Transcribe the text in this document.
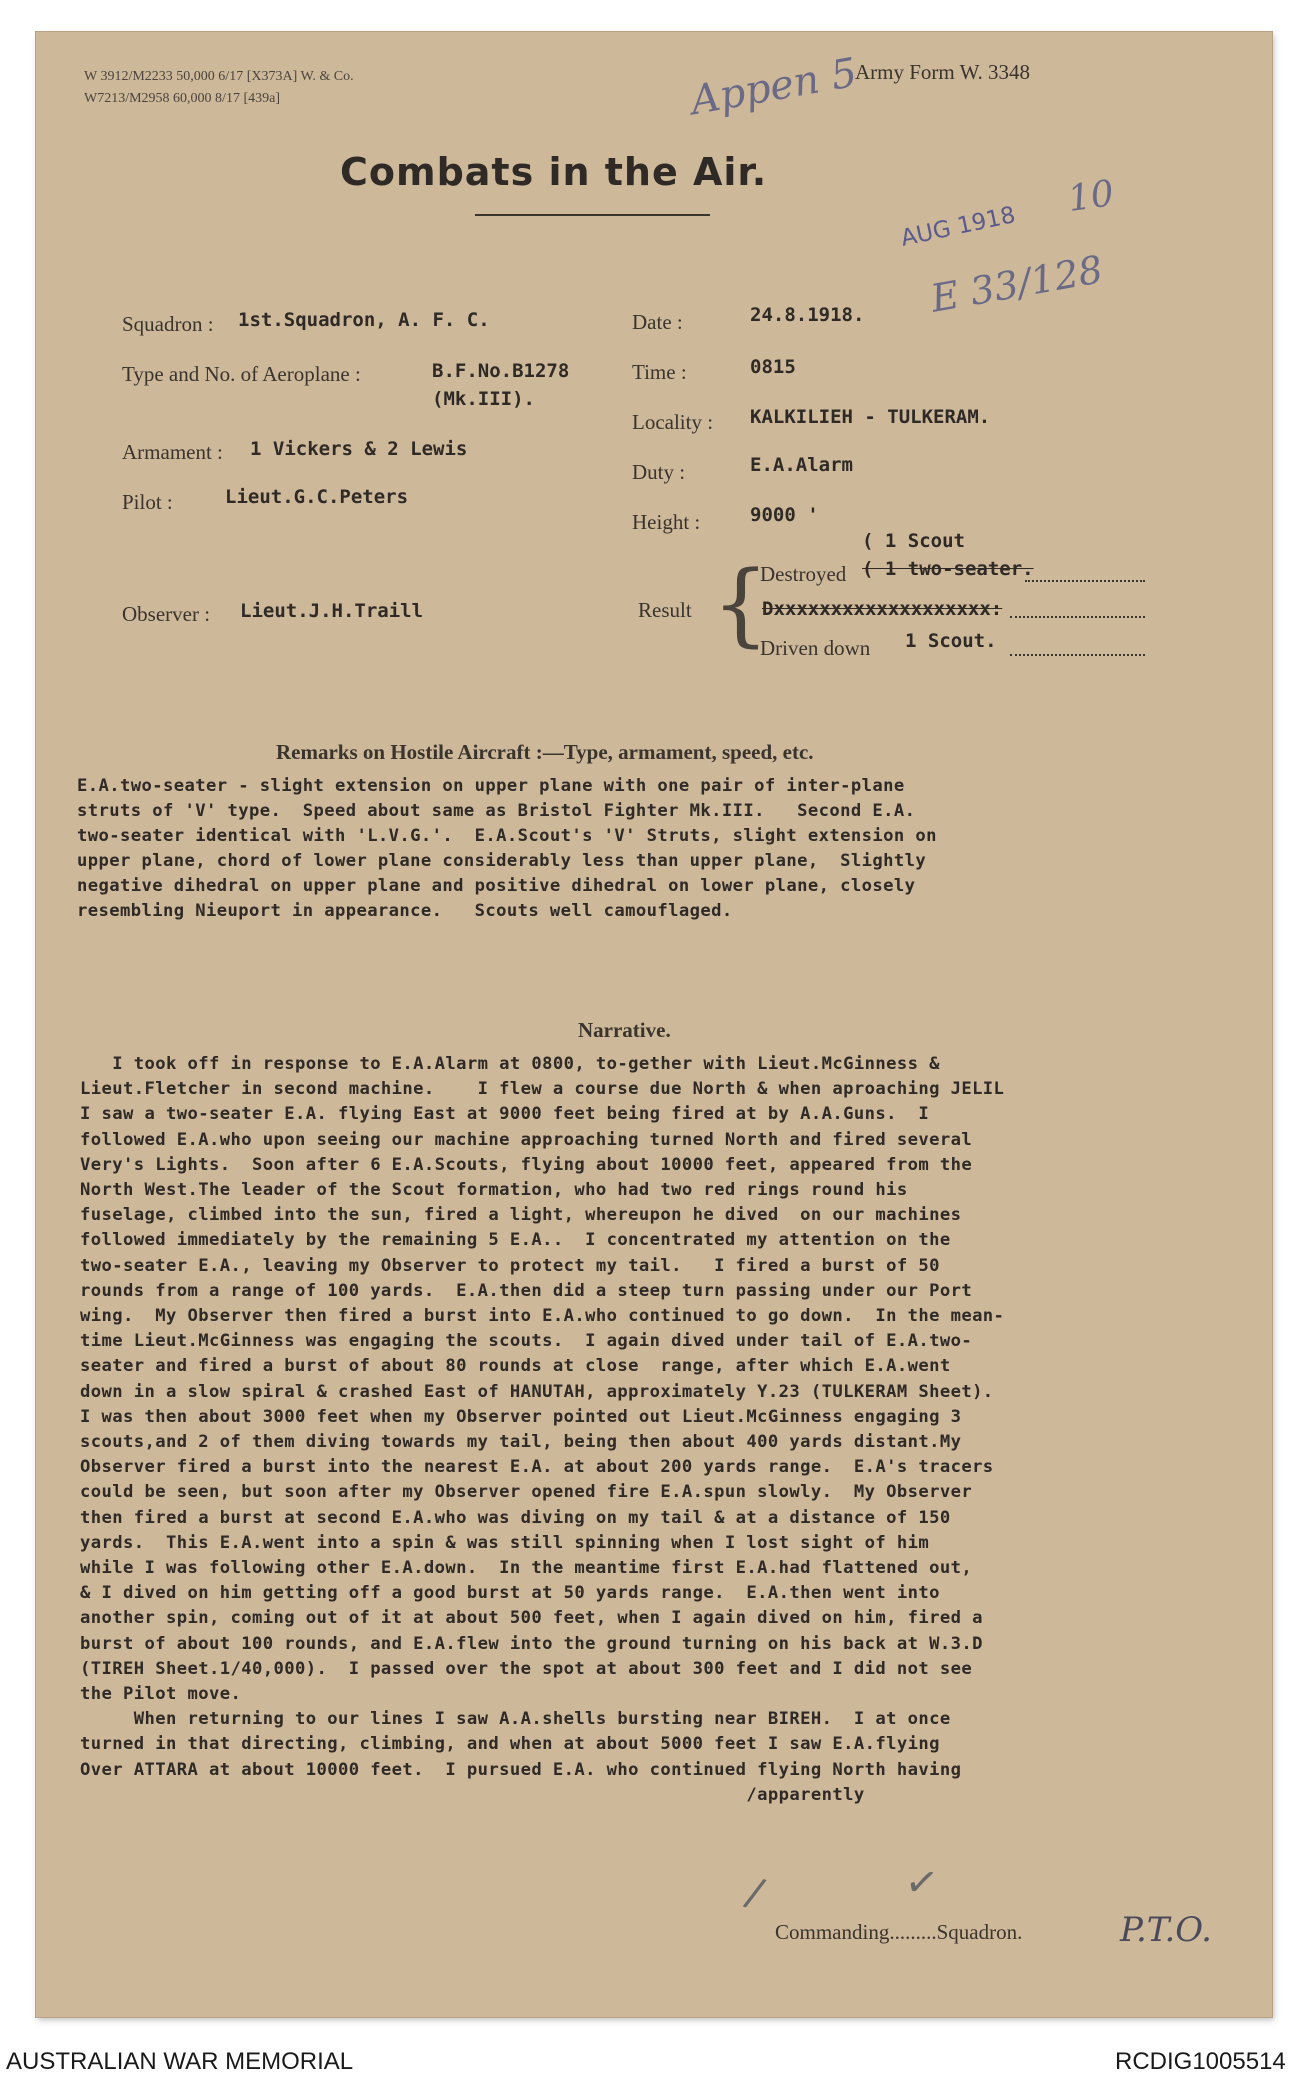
W 3912/M2233 50,000 6/17 [X373A] W. & Co.
W7213/M2958 60,000 8/17 [439a]
Army Form W. 3348
Combats in the Air.
Appen 5
10
AUG 1918
E 33/128
Squadron : 1st.Squadron, A. F. C.
Type and No. of Aeroplane :	B.F.No.B1278
(Mk.III).
Armament : 1 Vickers & 2 Lewis
Pilot :	Lieut.G.C.Peters
Observer : Lieut.J.H.Traill
Date :	24.8.1918.
Time :	0815
Locality : KALKILIEH - TULKERAM.
Duty :	E.A.Alarm
Height :	9000 '
Result {
( 1 Scout
Destroyed ( 1 two-seater.
Dxxxxxxxxxxxxxxxxxxx:
Driven down 1 Scout.
Remarks on Hostile Aircraft :—Type, armament, speed, etc.
E.A.two-seater - slight extension on upper plane with one pair of inter-plane
struts of 'V' type.  Speed about same as Bristol Fighter Mk.III.   Second E.A.
two-seater identical with 'L.V.G.'.  E.A.Scout's 'V' Struts, slight extension on
upper plane, chord of lower plane considerably less than upper plane,  Slightly
negative dihedral on upper plane and positive dihedral on lower plane, closely
resembling Nieuport in appearance.   Scouts well camouflaged.
Narrative.
I took off in response to E.A.Alarm at 0800, to-gether with Lieut.McGinness &
Lieut.Fletcher in second machine.    I flew a course due North & when aproaching JELIL
I saw a two-seater E.A. flying East at 9000 feet being fired at by A.A.Guns.  I
followed E.A.who upon seeing our machine approaching turned North and fired several
Very's Lights.  Soon after 6 E.A.Scouts, flying about 10000 feet, appeared from the
North West.The leader of the Scout formation, who had two red rings round his
fuselage, climbed into the sun, fired a light, whereupon he dived  on our machines
followed immediately by the remaining 5 E.A..  I concentrated my attention on the
two-seater E.A., leaving my Observer to protect my tail.   I fired a burst of 50
rounds from a range of 100 yards.  E.A.then did a steep turn passing under our Port
wing.  My Observer then fired a burst into E.A.who continued to go down.  In the mean-
time Lieut.McGinness was engaging the scouts.  I again dived under tail of E.A.two-
seater and fired a burst of about 80 rounds at close  range, after which E.A.went
down in a slow spiral & crashed East of HANUTAH, approximately Y.23 (TULKERAM Sheet).
I was then about 3000 feet when my Observer pointed out Lieut.McGinness engaging 3
scouts,and 2 of them diving towards my tail, being then about 400 yards distant.My
Observer fired a burst into the nearest E.A. at about 200 yards range.  E.A's tracers
could be seen, but soon after my Observer opened fire E.A.spun slowly.  My Observer
then fired a burst at second E.A.who was diving on my tail & at a distance of 150
yards.  This E.A.went into a spin & was still spinning when I lost sight of him
while I was following other E.A.down.  In the meantime first E.A.had flattened out,
& I dived on him getting off a good burst at 50 yards range.  E.A.then went into
another spin, coming out of it at about 500 feet, when I again dived on him, fired a
burst of about 100 rounds, and E.A.flew into the ground turning on his back at W.3.D
(TIREH Sheet.1/40,000).  I passed over the spot at about 300 feet and I did not see
the Pilot move.
When returning to our lines I saw A.A.shells bursting near BIREH.  I at once
turned in that directing, climbing, and when at about 5000 feet I saw E.A.flying
Over ATTARA at about 10000 feet.  I pursued E.A. who continued flying North having
/apparently
/	✓
Commanding.........Squadron.	P.T.O.
AUSTRALIAN WAR MEMORIAL	RCDIG1005514
